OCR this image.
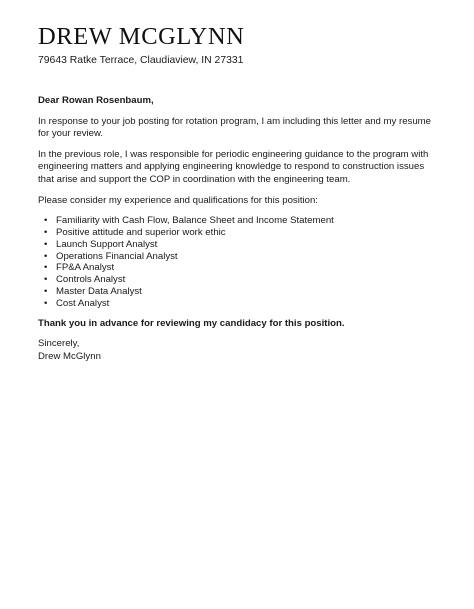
DREW MCGLYNN
79643 Ratke Terrace, Claudiaview, IN 27331

Dear Rowan Rosenbaum,

In response to your job posting for rotation program, I am including this letter and my resume for your review.

In the previous role, I was responsible for periodic engineering guidance to the program with engineering matters and applying engineering knowledge to respond to construction issues that arise and support the COP in coordination with the engineering team.

Please consider my experience and qualifications for this position:

• Familiarity with Cash Flow, Balance Sheet and Income Statement
• Positive attitude and superior work ethic
• Launch Support Analyst
• Operations Financial Analyst
• FP&A Analyst
• Controls Analyst
• Master Data Analyst
• Cost Analyst

Thank you in advance for reviewing my candidacy for this position.

Sincerely,

Drew McGlynn
